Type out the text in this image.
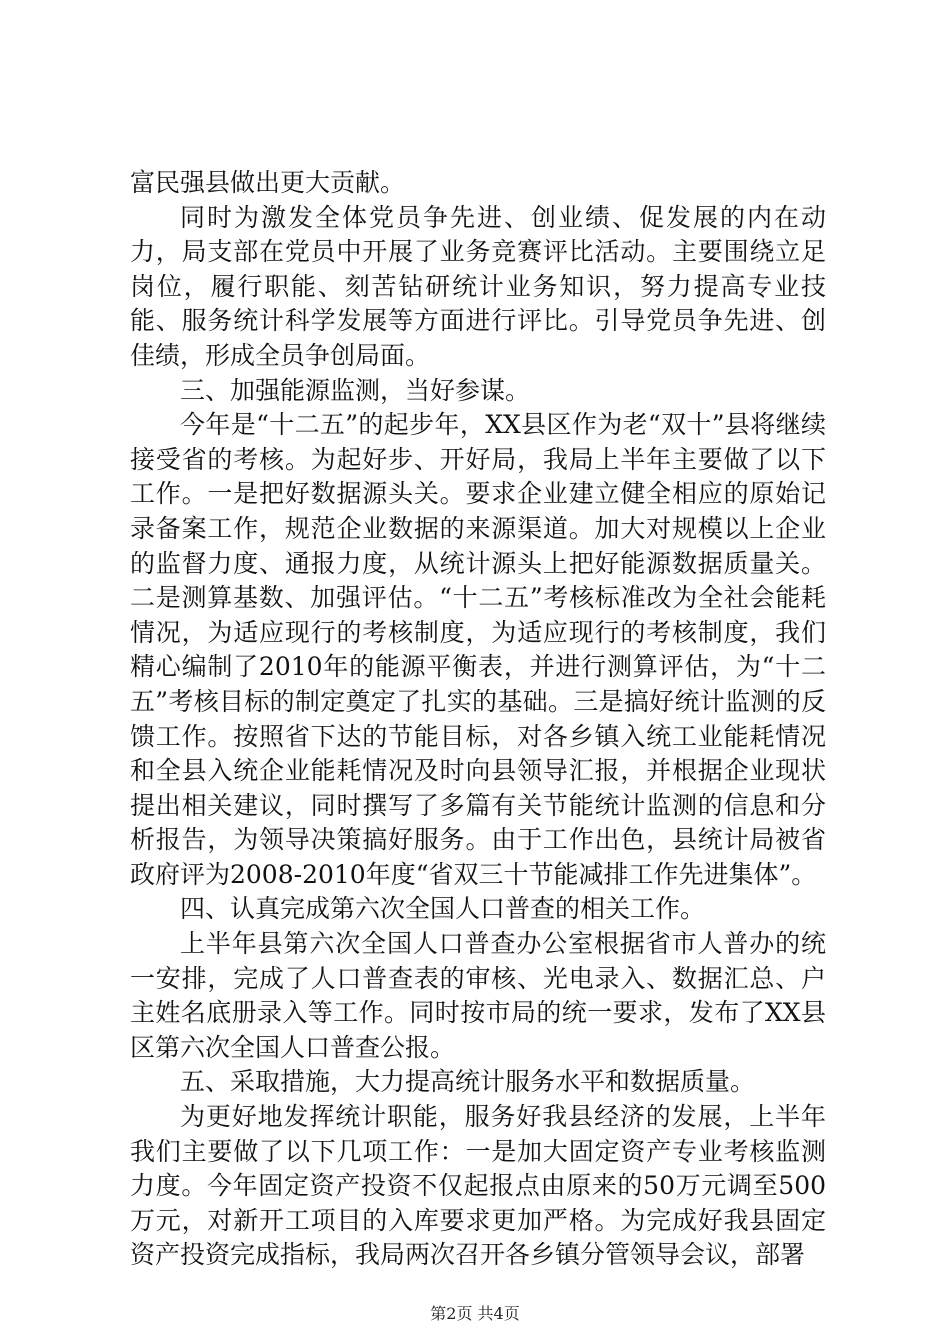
富民强县做出更大贡献。

同时为激发全体党员争先进、创业绩、促发展的内在动力，局支部在党员中开展了业务竞赛评比活动。主要围绕立足岗位，履行职能、刻苦钻研统计业务知识，努力提高专业技能、服务统计科学发展等方面进行评比。引导党员争先进、创佳绩，形成全员争创局面。

三、加强能源监测，当好参谋。

今年是“十二五”的起步年，XX县区作为老“双十”县将继续接受省的考核。为起好步、开好局，我局上半年主要做了以下工作。一是把好数据源头关。要求企业建立健全相应的原始记录备案工作，规范企业数据的来源渠道。加大对规模以上企业的监督力度、通报力度，从统计源头上把好能源数据质量关。二是测算基数、加强评估。“十二五”考核标准改为全社会能耗情况，为适应现行的考核制度，为适应现行的考核制度，我们精心编制了2010年的能源平衡表，并进行测算评估，为“十二五”考核目标的制定奠定了扎实的基础。三是搞好统计监测的反馈工作。按照省下达的节能目标，对各乡镇入统工业能耗情况和全县入统企业能耗情况及时向县领导汇报，并根据企业现状提出相关建议，同时撰写了多篇有关节能统计监测的信息和分析报告，为领导决策搞好服务。由于工作出色，县统计局被省政府评为2008-2010年度“省双三十节能减排工作先进集体”。

四、认真完成第六次全国人口普查的相关工作。

上半年县第六次全国人口普查办公室根据省市人普办的统一安排，完成了人口普查表的审核、光电录入、数据汇总、户主姓名底册录入等工作。同时按市局的统一要求，发布了XX县区第六次全国人口普查公报。

五、采取措施，大力提高统计服务水平和数据质量。

为更好地发挥统计职能，服务好我县经济的发展，上半年我们主要做了以下几项工作：一是加大固定资产专业考核监测力度。今年固定资产投资不仅起报点由原来的50万元调至500万元，对新开工项目的入库要求更加严格。为完成好我县固定资产投资完成指标，我局两次召开各乡镇分管领导会议，部署

第2页 共4页
